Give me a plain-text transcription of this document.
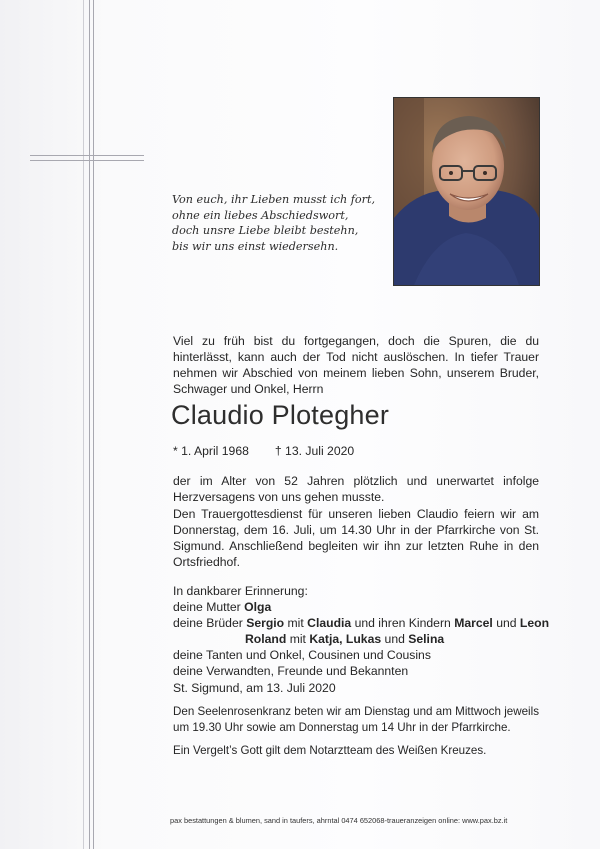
Von euch, ihr Lieben musst ich fort,
ohne ein liebes Abschiedswort,
doch unsre Liebe bleibt bestehn,
bis wir uns einst wiedersehn.
Viel zu früh bist du fortgegangen, doch die Spuren, die du hinterlässt, kann auch der Tod nicht auslöschen. In tiefer Trauer nehmen wir Abschied von meinem lieben Sohn, unserem Bruder, Schwager und Onkel, Herrn
Claudio Plotegher
* 1. April 1968 † 13. Juli 2020
der im Alter von 52 Jahren plötzlich und unerwartet infolge Herzversagens von uns gehen musste.
Den Trauergottesdienst für unseren lieben Claudio feiern wir am Donnerstag, dem 16. Juli, um 14.30 Uhr in der Pfarrkirche von St. Sigmund. Anschließend begleiten wir ihn zur letzten Ruhe in den Ortsfriedhof.
In dankbarer Erinnerung:
deine Mutter Olga
deine Brüder Sergio mit Claudia und ihren Kindern Marcel und Leon
Roland mit Katja, Lukas und Selina
deine Tanten und Onkel, Cousinen und Cousins
deine Verwandten, Freunde und Bekannten
St. Sigmund, am 13. Juli 2020
Den Seelenrosenkranz beten wir am Dienstag und am Mittwoch jeweils um 19.30 Uhr sowie am Donnerstag um 14 Uhr in der Pfarrkirche.
Ein Vergelt’s Gott gilt dem Notarztteam des Weißen Kreuzes.
pax bestattungen & blumen, sand in taufers, ahrntal 0474 652068-traueranzeigen online: www.pax.bz.it
